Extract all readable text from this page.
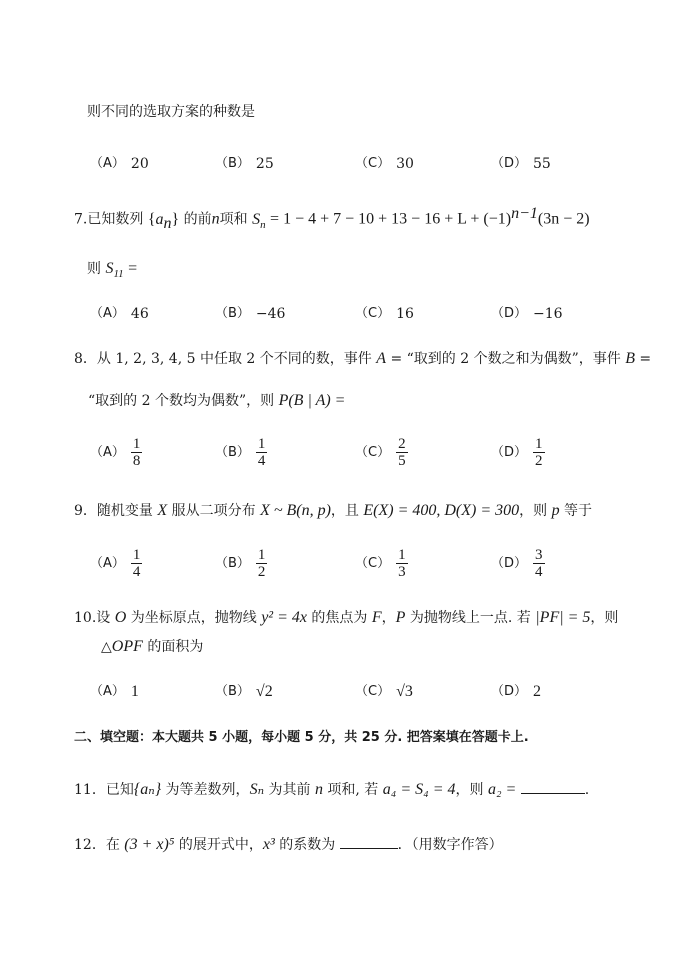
则不同的选取方案的种数是
（A） 20	（B） 25	（C） 30	（D） 55
7.已知数列 $\{a_n\}$ 的前n项和 $S_n = 1 - 4 + 7 - 10 + 13 - 16 + L + (-1)^{n-1}(3n - 2)$
则 $S_{11}$ =
（A） 46	（B） −46	（C） 16	（D） −16
8．从 1, 2, 3, 4, 5 中任取 2 个不同的数，事件 A = “取到的 2 个数之和为偶数”，事件 B =
“取到的 2 个数均为偶数”，则 P(B | A) =
$(A) \frac{1}{8}$	$(B) \frac{1}{4}$	$(C) \frac{2}{5}$	$(D) \frac{1}{2}$
9．随机变量 X 服从二项分布 X ~ B(n, p)，且 E(X) = 400, D(X) = 300，则 p 等于
$(A) \frac{1}{4}$	$(B) \frac{1}{2}$	$(C) \frac{1}{3}$	$(D) \frac{3}{4}$
10.设 O 为坐标原点，抛物线 y² = 4x 的焦点为 F，P 为抛物线上一点. 若 |PF| = 5，则
△OPF 的面积为
（A） 1	（B） √2	（C） √3	（D） 2
二、填空题：本大题共 5 小题，每小题 5 分，共 25 分. 把答案填在答题卡上.
11．已知{aₙ} 为等差数列，Sₙ 为其前 n 项和, 若 a₄ = S₄ = 4，则 a₂ =	.
12．在 (3 + x)⁵ 的展开式中，x³ 的系数为	．（用数字作答）
